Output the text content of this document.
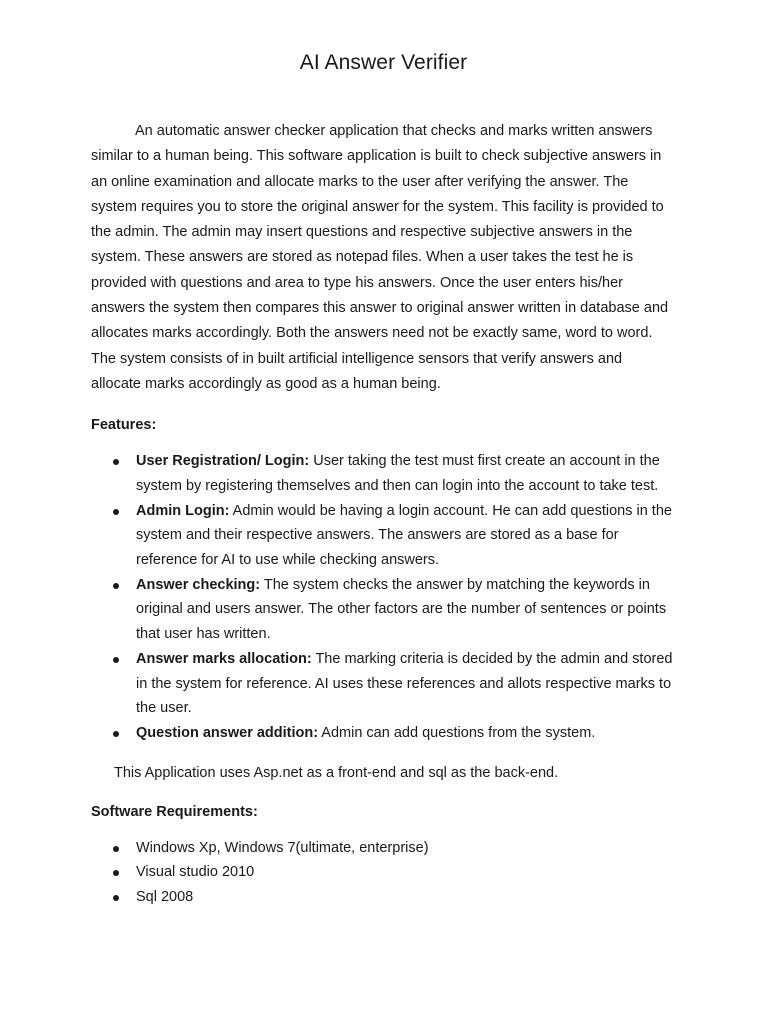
AI Answer Verifier

An automatic answer checker application that checks and marks written answers similar to a human being. This software application is built to check subjective answers in an online examination and allocate marks to the user after verifying the answer. The system requires you to store the original answer for the system. This facility is provided to the admin. The admin may insert questions and respective subjective answers in the system. These answers are stored as notepad files. When a user takes the test he is provided with questions and area to type his answers. Once the user enters his/her answers the system then compares this answer to original answer written in database and allocates marks accordingly. Both the answers need not be exactly same, word to word. The system consists of in built artificial intelligence sensors that verify answers and allocate marks accordingly as good as a human being.

Features:
User Registration/ Login: User taking the test must first create an account in the system by registering themselves and then can login into the account to take test.
Admin Login: Admin would be having a login account. He can add questions in the system and their respective answers. The answers are stored as a base for reference for AI to use while checking answers.
Answer checking: The system checks the answer by matching the keywords in original and users answer. The other factors are the number of sentences or points that user has written.
Answer marks allocation: The marking criteria is decided by the admin and stored in the system for reference. AI uses these references and allots respective marks to the user.
Question answer addition: Admin can add questions from the system.

This Application uses Asp.net as a front-end and sql as the back-end.

Software Requirements:
Windows Xp, Windows 7(ultimate, enterprise)
Visual studio 2010
Sql 2008
